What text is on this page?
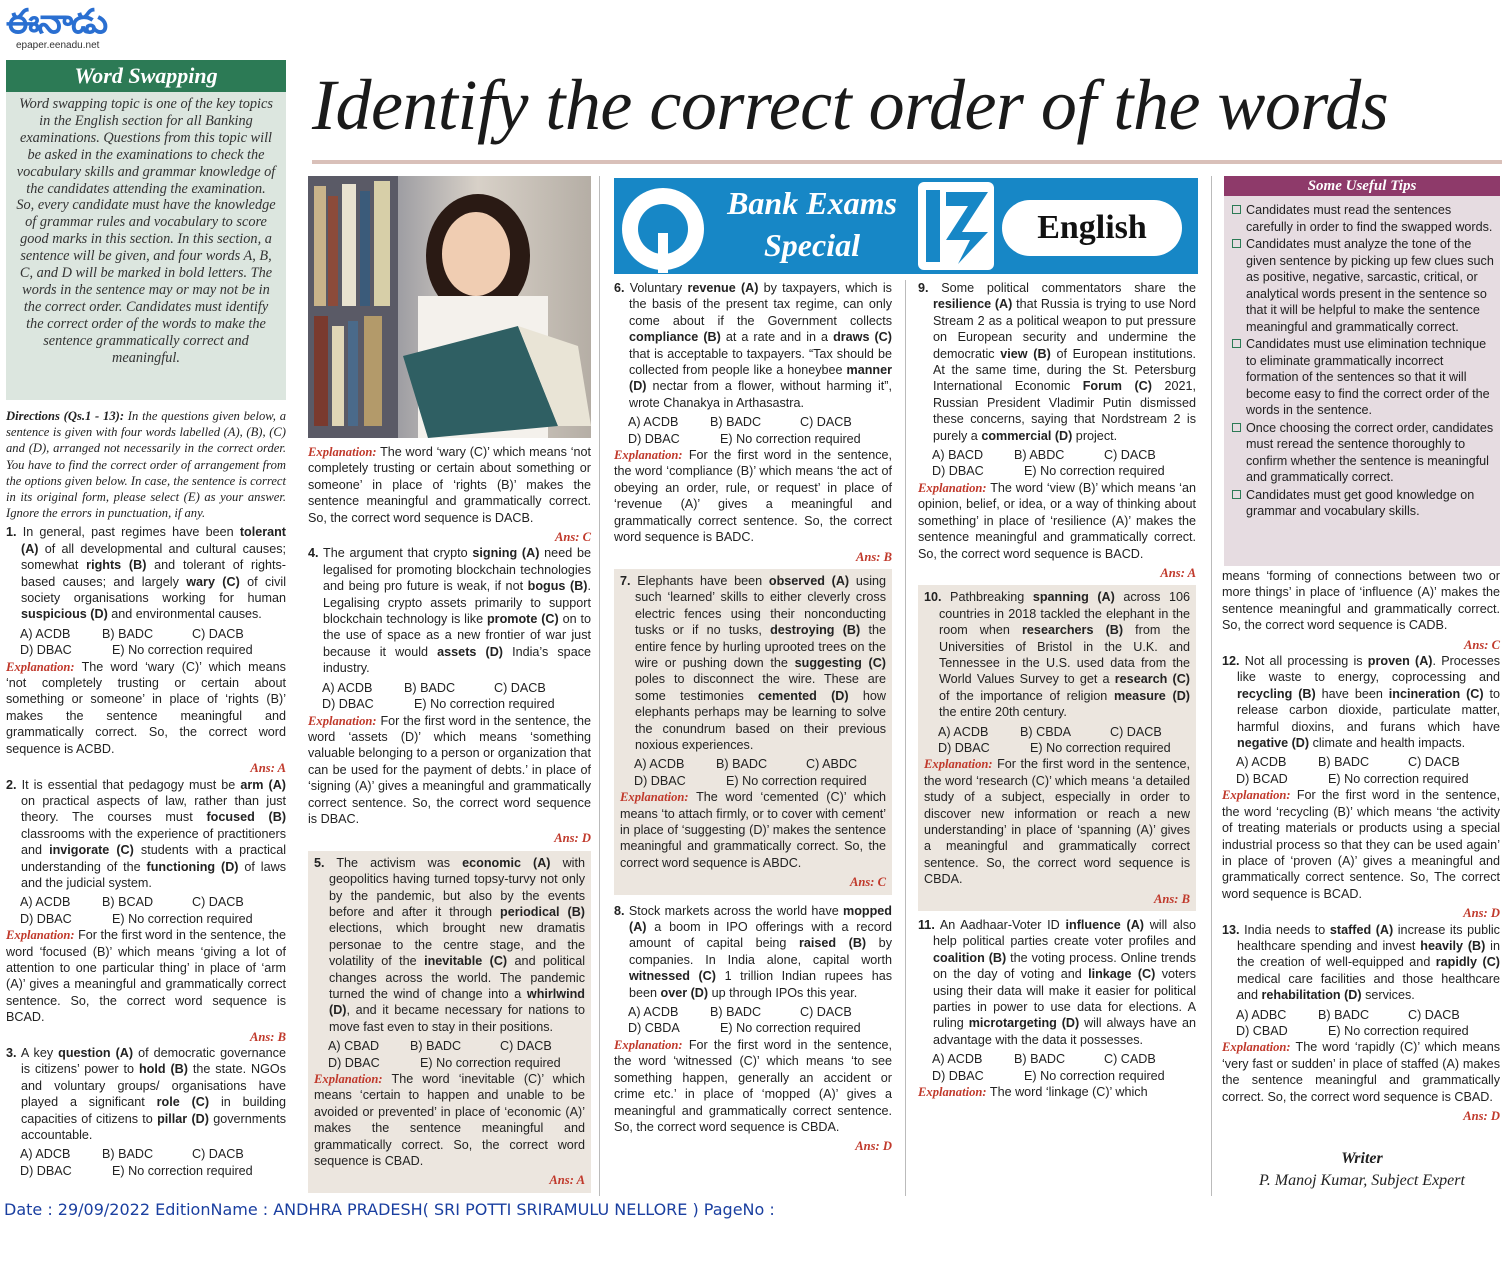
ఈనాడు
epaper.eenadu.net
Word Swapping
Word swapping topic is one of the key topics in the English section for all Banking examinations. Questions from this topic will be asked in the examinations to check the vocabulary skills and grammar knowledge of the candidates attending the examination. So, every candidate must have the knowledge of grammar rules and vocabulary to score good marks in this section. In this section, a sentence will be given, and four words A, B, C, and D will be marked in bold letters. The words in the sentence may or may not be in the correct order. Candidates must identify the correct order of the words to make the sentence grammatically correct and meaningful.
Identify the correct order of the words

Directions (Qs.1 - 13): In the questions given below, a sentence is given with four words labelled (A), (B), (C) and (D), arranged not necessarily in the correct order. You have to find the correct order of arrangement from the options given below. In case, the sentence is correct in its original form, please select (E) as your answer. Ignore the errors in punctuation, if any.

1. In general, past regimes have been tolerant (A) of all developmental and cultural causes; somewhat rights (B) and tolerant of rights-based causes; and largely wary (C) of civil society organisations working for human suspicious (D) and environmental causes.

A) ACDB	B) BADC	C) DACB
D) DBAC	E) No correction required

Explanation: The word ‘wary (C)’ which means ‘not completely trusting or certain about something or someone’ in place of ‘rights (B)’ makes the sentence meaningful and grammatically correct. So, the correct word sequence is ACBD.

Ans: A

2. It is essential that pedagogy must be arm (A) on practical aspects of law, rather than just theory. The courses must focused (B) classrooms with the experience of practitioners and invigorate (C) students with a practical understanding of the functioning (D) of laws and the judicial system.

A) ACDB	B) BCAD	C) DACB
D) DBAC	E) No correction required

Explanation: For the first word in the sentence, the word ‘focused (B)’ which means ‘giving a lot of attention to one particular thing’ in place of ‘arm (A)’ gives a meaningful and grammatically correct sentence. So, the correct word sequence is BCAD.

Ans: B

3. A key question (A) of democratic governance is citizens’ power to hold (B) the state. NGOs and voluntary groups/ organisations have played a significant role (C) in building capacities of citizens to pillar (D) governments accountable.

A) ADCB	B) BADC	C) DACB
D) DBAC	E) No correction required

Explanation: The word ‘wary (C)’ which means ‘not completely trusting or certain about something or someone’ in place of ‘rights (B)’ makes the sentence meaningful and grammatically correct. So, the correct word sequence is DACB.

Ans: C

4. The argument that crypto signing (A) need be legalised for promoting blockchain technologies and being pro future is weak, if not bogus (B). Legalising crypto assets primarily to support blockchain technology is like promote (C) on to the use of space as a new frontier of war just because it would assets (D) India’s space industry.

A) ACDB	B) BADC	C) DACB
D) DBAC	E) No correction required

Explanation: For the first word in the sentence, the word ‘assets (D)’ which means ‘something valuable belonging to a person or organization that can be used for the payment of debts.’ in place of ‘signing (A)’ gives a meaningful and grammatically correct sentence. So, the correct word sequence is DBAC.

Ans: D

5. The activism was economic (A) with geopolitics having turned topsy-turvy not only by the pandemic, but also by the events before and after it through periodical (B) elections, which brought new dramatis personae to the centre stage, and the volatility of the inevitable (C) and political changes across the world. The pandemic turned the wind of change into a whirlwind (D), and it became necessary for nations to move fast even to stay in their positions.

A) CBAD	B) BADC	C) DACB
D) DBAC	E) No correction required

Explanation: The word ‘inevitable (C)’ which means ‘certain to happen and unable to be avoided or prevented’ in place of ‘economic (A)’ makes the sentence meaningful and grammatically correct. So, the correct word sequence is CBAD.

Ans: A
Bank Exams
Special	English

6. Voluntary revenue (A) by taxpayers, which is the basis of the present tax regime, can only come about if the Government collects compliance (B) at a rate and in a draws (C) that is acceptable to taxpayers. “Tax should be collected from people like a honeybee manner (D) nectar from a flower, without harming it”, wrote Chanakya in Arthasastra.

A) ACDB	B) BADC	C) DACB
D) DBAC	E) No correction required

Explanation: For the first word in the sentence, the word ‘compliance (B)’ which means ‘the act of obeying an order, rule, or request’ in place of ‘revenue (A)’ gives a meaningful and grammatically correct sentence. So, the correct word sequence is BADC.

Ans: B

7. Elephants have been observed (A) using such ‘learned’ skills to either cleverly cross electric fences using their nonconducting tusks or if no tusks, destroying (B) the entire fence by hurling uprooted trees on the wire or pushing down the suggesting (C) poles to disconnect the wire. These are some testimonies cemented (D) how elephants perhaps may be learning to solve the conundrum based on their previous noxious experiences.

A) ACDB	B) BADC	C) ABDC
D) DBAC	E) No correction required

Explanation: The word ‘cemented (C)’ which means ‘to attach firmly, or to cover with cement’ in place of ‘suggesting (D)’ makes the sentence meaningful and grammatically correct. So, the correct word sequence is ABDC.

Ans: C

8. Stock markets across the world have mopped (A) a boom in IPO offerings with a record amount of capital being raised (B) by companies. In India alone, capital worth witnessed (C) 1 trillion Indian rupees has been over (D) up through IPOs this year.

A) ACDB	B) BADC	C) DACB
D) CBDA	E) No correction required

Explanation: For the first word in the sentence, the word ‘witnessed (C)’ which means ‘to see something happen, generally an accident or crime etc.’ in place of ‘mopped (A)’ gives a meaningful and grammatically correct sentence. So, the correct word sequence is CBDA.

Ans: D

9. Some political commentators share the resilience (A) that Russia is trying to use Nord Stream 2 as a political weapon to put pressure on European security and undermine the democratic view (B) of European institutions. At the same time, during the St. Petersburg International Economic Forum (C) 2021, Russian President Vladimir Putin dismissed these concerns, saying that Nordstream 2 is purely a commercial (D) project.

A) BACD	B) ABDC	C) DACB
D) DBAC	E) No correction required

Explanation: The word ‘view (B)’ which means ‘an opinion, belief, or idea, or a way of thinking about something’ in place of ‘resilience (A)’ makes the sentence meaningful and grammatically correct. So, the correct word sequence is BACD.

Ans: A

10. Pathbreaking spanning (A) across 106 countries in 2018 tackled the elephant in the room when researchers (B) from the Universities of Bristol in the U.K. and Tennessee in the U.S. used data from the World Values Survey to get a research (C) of the importance of religion measure (D) the entire 20th century.

A) ACDB	B) CBDA	C) DACB
D) DBAC	E) No correction required

Explanation: For the first word in the sentence, the word ‘research (C)’ which means ‘a detailed study of a subject, especially in order to discover new information or reach a new understanding’ in place of ‘spanning (A)’ gives a meaningful and grammatically correct sentence. So, the correct word sequence is CBDA.

Ans: B

11. An Aadhaar-Voter ID influence (A) will also help political parties create voter profiles and coalition (B) the voting process. Online trends on the day of voting and linkage (C) voters using their data will make it easier for political parties in power to use data for elections. A ruling microtargeting (D) will always have an advantage with the data it possesses.

A) ACDB	B) BADC	C) CADB
D) DBAC	E) No correction required

Explanation: The word ‘linkage (C)’ which

Some Useful Tips
Candidates must read the sentences carefully in order to find the swapped words.
Candidates must analyze the tone of the given sentence by picking up few clues such as positive, negative, sarcastic, critical, or analytical words present in the sentence so that it will be helpful to make the sentence meaningful and grammatically correct.
Candidates must use elimination technique to eliminate grammatically incorrect formation of the sentences so that it will become easy to find the correct order of the words in the sentence.
Once choosing the correct order, candidates must reread the sentence thoroughly to confirm whether the sentence is meaningful and grammatically correct.
Candidates must get good knowledge on grammar and vocabulary skills.

means ‘forming of connections between two or more things’ in place of ‘influence (A)’ makes the sentence meaningful and grammatically correct. So, the correct word sequence is CADB.

Ans: C

12. Not all processing is proven (A). Processes like waste to energy, coprocessing and recycling (B) have been incineration (C) to release carbon dioxide, particulate matter, harmful dioxins, and furans which have negative (D) climate and health impacts.

A) ACDB	B) BADC	C) DACB
D) BCAD	E) No correction required

Explanation: For the first word in the sentence, the word ‘recycling (B)’ which means ‘the activity of treating materials or products using a special industrial process so that they can be used again’ in place of ‘proven (A)’ gives a meaningful and grammatically correct sentence. So, The correct word sequence is BCAD.

Ans: D

13. India needs to staffed (A) increase its public healthcare spending and invest heavily (B) in the creation of well-equipped and rapidly (C) medical care facilities and those healthcare and rehabilitation (D) services.

A) ADBC	B) BADC	C) DACB
D) CBAD	E) No correction required

Explanation: The word ‘rapidly (C)’ which means ‘very fast or sudden’ in place of staffed (A) makes the sentence meaningful and grammatically correct. So, the correct word sequence is CBAD.

Ans: D
Writer
P. Manoj Kumar, Subject Expert
Date : 29/09/2022 EditionName : ANDHRA PRADESH( SRI POTTI SRIRAMULU NELLORE ) PageNo :
